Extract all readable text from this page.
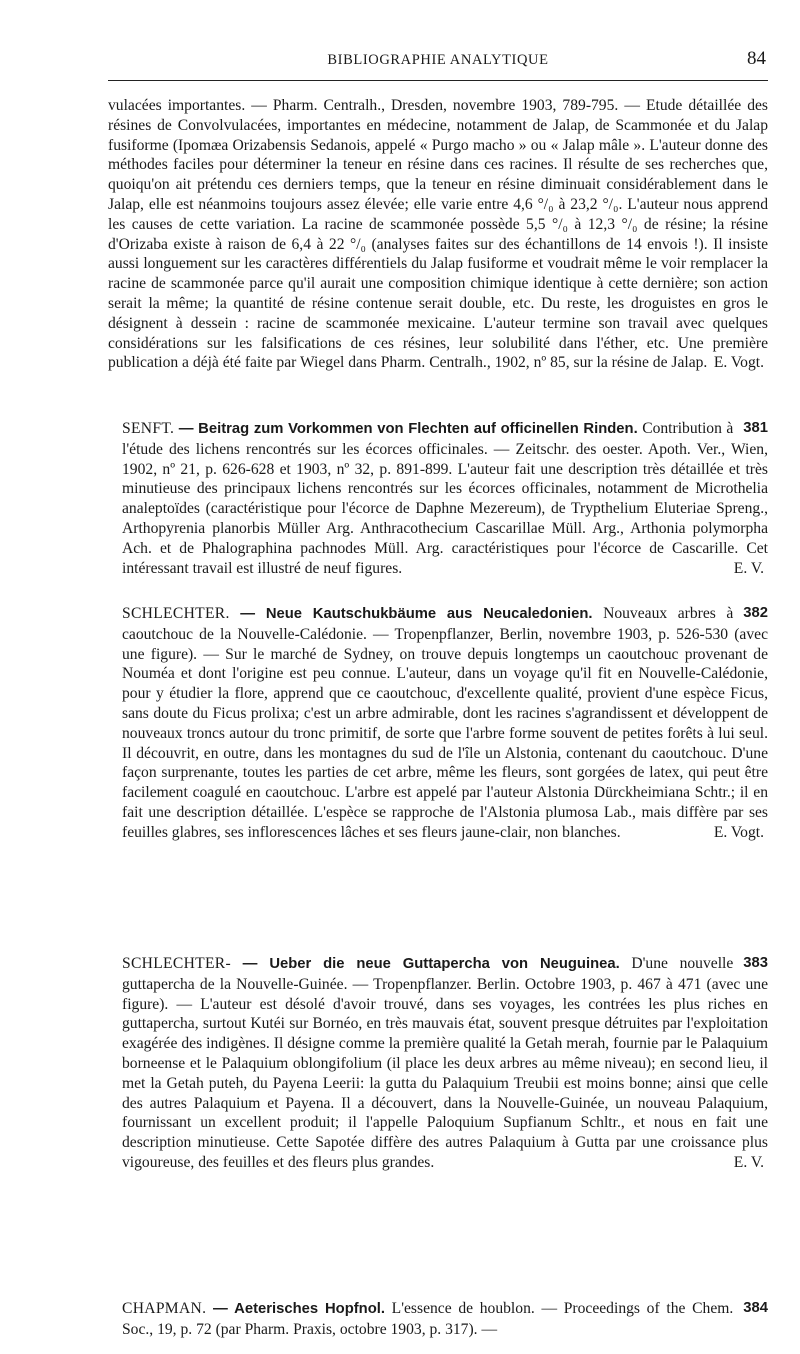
BIBLIOGRAPHIE ANALYTIQUE	84

vulacées importantes. — Pharm. Centralh., Dresden, novembre 1903, 789-795. — Etude détaillée des résines de Convolvulacées, importantes en médecine, notamment de Jalap, de Scammonée et du Jalap fusiforme (Ipomæa Orizabensis Sedanois, appelé « Purgo macho » ou « Jalap mâle ». L'auteur donne des méthodes faciles pour déterminer la teneur en résine dans ces racines. Il résulte de ses recherches que, quoiqu'on ait prétendu ces derniers temps, que la teneur en résine diminuait considérablement dans le Jalap, elle est néanmoins toujours assez élevée; elle varie entre 4,6 °/₀ à 23,2 °/₀. L'auteur nous apprend les causes de cette variation. La racine de scammonée possède 5,5 °/₀ à 12,3 °/₀ de résine; la résine d'Orizaba existe à raison de 6,4 à 22 °/₀ (analyses faites sur des échantillons de 14 envois !). Il insiste aussi longuement sur les caractères différentiels du Jalap fusiforme et voudrait même le voir remplacer la racine de scammonée parce qu'il aurait une composition chimique identique à cette dernière; son action serait la même; la quantité de résine contenue serait double, etc. Du reste, les droguistes en gros le désignent à dessein : racine de scammonée mexicaine. L'auteur termine son travail avec quelques considérations sur les falsifications de ces résines, leur solubilité dans l'éther, etc. Une première publication a déjà été faite par Wiegel dans Pharm. Centralh., 1902, nº 85, sur la résine de Jalap. E. Vogt.

381
SENFT. — Beitrag zum Vorkommen von Flechten auf officinellen Rinden. Contribution à l'étude des lichens rencontrés sur les écorces officinales. — Zeitschr. des oester. Apoth. Ver., Wien, 1902, nº 21, p. 626-628 et 1903, nº 32, p. 891-899. L'auteur fait une description très détaillée et très minutieuse des principaux lichens rencontrés sur les écorces officinales, notamment de Microthelia analeptoïdes (caractéristique pour l'écorce de Daphne Mezereum), de Trypthelium Eluteriae Spreng., Arthopyrenia planorbis Müller Arg. Anthracothecium Cascarillae Müll. Arg., Arthonia polymorpha Ach. et de Phalographina pachnodes Müll. Arg. caractéristiques pour l'écorce de Cascarille. Cet intéressant travail est illustré de neuf figures.	E. V.

382
SCHLECHTER. — Neue Kautschukbäume aus Neucaledonien. Nouveaux arbres à caoutchouc de la Nouvelle-Calédonie. — Tropenpflanzer, Berlin, novembre 1903, p. 526-530 (avec une figure). — Sur le marché de Sydney, on trouve depuis longtemps un caoutchouc provenant de Nouméa et dont l'origine est peu connue. L'auteur, dans un voyage qu'il fit en Nouvelle-Calédonie, pour y étudier la flore, apprend que ce caoutchouc, d'excellente qualité, provient d'une espèce Ficus, sans doute du Ficus prolixa; c'est un arbre admirable, dont les racines s'agrandissent et développent de nouveaux troncs autour du tronc primitif, de sorte que l'arbre forme souvent de petites forêts à lui seul. Il découvrit, en outre, dans les montagnes du sud de l'île un Alstonia, contenant du caoutchouc. D'une façon surprenante, toutes les parties de cet arbre, même les fleurs, sont gorgées de latex, qui peut être facilement coagulé en caoutchouc. L'arbre est appelé par l'auteur Alstonia Dürckheimiana Schtr.; il en fait une description détaillée. L'espèce se rapproche de l'Alstonia plumosa Lab., mais diffère par ses feuilles glabres, ses inflorescences lâches et ses fleurs jaune-clair, non blanches.	E. Vogt.

383
SCHLECHTER- — Ueber die neue Guttapercha von Neuguinea. D'une nouvelle guttapercha de la Nouvelle-Guinée. — Tropenpflanzer. Berlin. Octobre 1903, p. 467 à 471 (avec une figure). — L'auteur est désolé d'avoir trouvé, dans ses voyages, les contrées les plus riches en guttapercha, surtout Kutéi sur Bornéo, en très mauvais état, souvent presque détruites par l'exploitation exagérée des indigènes. Il désigne comme la première qualité la Getah merah, fournie par le Palaquium borneense et le Palaquium oblongifolium (il place les deux arbres au même niveau); en second lieu, il met la Getah puteh, du Payena Leerii: la gutta du Palaquium Treubii est moins bonne; ainsi que celle des autres Palaquium et Payena. Il a découvert, dans la Nouvelle-Guinée, un nouveau Palaquium, fournissant un excellent produit; il l'appelle Paloquium Supfianum Schltr., et nous en fait une description minutieuse. Cette Sapotée diffère des autres Palaquium à Gutta par une croissance plus vigoureuse, des feuilles et des fleurs plus grandes.	E. V.

384
CHAPMAN. — Aeterisches Hopfnol. L'essence de houblon. — Proceedings of the Chem. Soc., 19, p. 72 (par Pharm. Praxis, octobre 1903, p. 317). —
